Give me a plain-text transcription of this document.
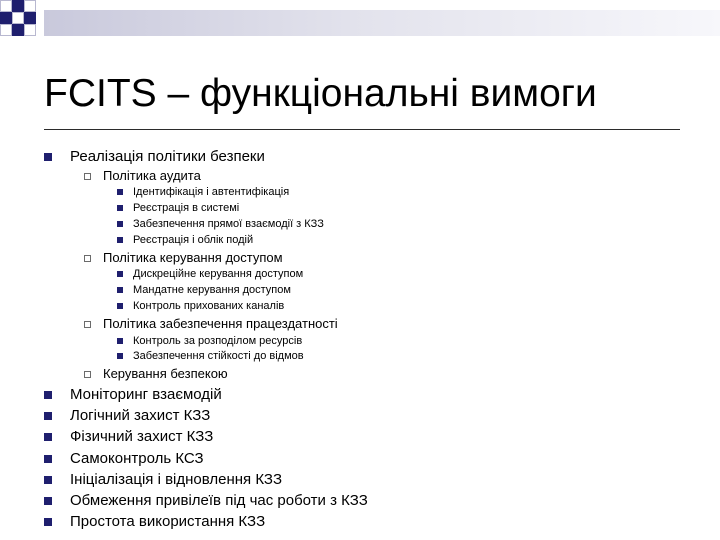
FCITS – функціональні вимоги
Реалізація політики безпеки
Політика аудита
Ідентифікація і автентифікація
Реєстрація в системі
Забезпечення прямої взаємодії з КЗЗ
Реєстрація і облік подій
Політика керування доступом
Дискреційне керування доступом
Мандатне керування доступом
Контроль прихованих каналів
Політика забезпечення працездатності
Контроль за розподілом ресурсів
Забезпечення стійкості до відмов
Керування безпекою
Моніторинг взаємодій
Логічний захист КЗЗ
Фізичний захист КЗЗ
Самоконтроль КСЗ
Ініціалізація і відновлення КЗЗ
Обмеження привілеїв під час роботи з КЗЗ
Простота використання КЗЗ
